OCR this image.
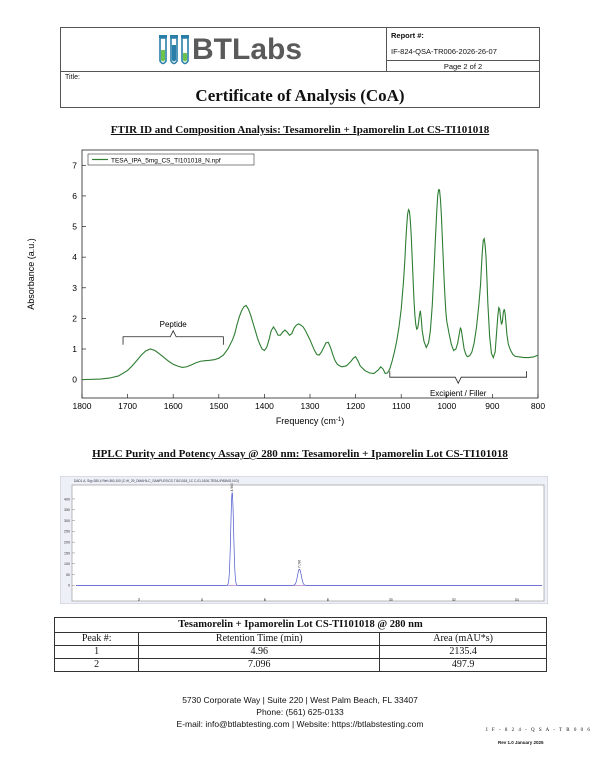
BTLabs	Report #:
IF-824-QSA-TR006-2026-26-07
Page 2 of 2
Title:
Certificate of Analysis (CoA)
FTIR ID and Composition Analysis: Tesamorelin + Ipamorelin Lot CS-TI101018
1800	1700	1600	1500	1400	1300	1200	1100	1000	900	800
0
1
2
3
4
5
6
7
Frequency $(cm^{-1})$
Absorbance (a.u.)
TESA_IPA_5mg_CS_TI101018_N.npf
Peptide
Excipient / Filler
HPLC Purity and Potency Assay @ 280 nm: Tesamorelin + Ipamorelin Lot CS-TI101018
DAD1 A, Sig=280,4 Ref=360,100 (C:\H_29_DMAH\LC_SAMPLES\CS-TI101018_1C C-01-0106-TESA-IPA5MG-N.D)
0
50
100
150
200
250
300
350
400
2	4	6	8	10	12	14
4.960
7.096
Tesamorelin + Ipamorelin Lot CS-TI101018 @ 280 nm		
Peak #:	Retention Time (min)	Area (mAU*s)
1	4.96	2135.4
2	7.096	497.9
5730 Corporate Way | Suite 220 | West Palm Beach, FL 33407
Phone: (561) 625-0133
E-mail: info@btlabtesting.com | Website: https://btlabstesting.com
I F - 8 2 4 - Q S A - T R 0 0 6
Rev 1.0 January 2025
